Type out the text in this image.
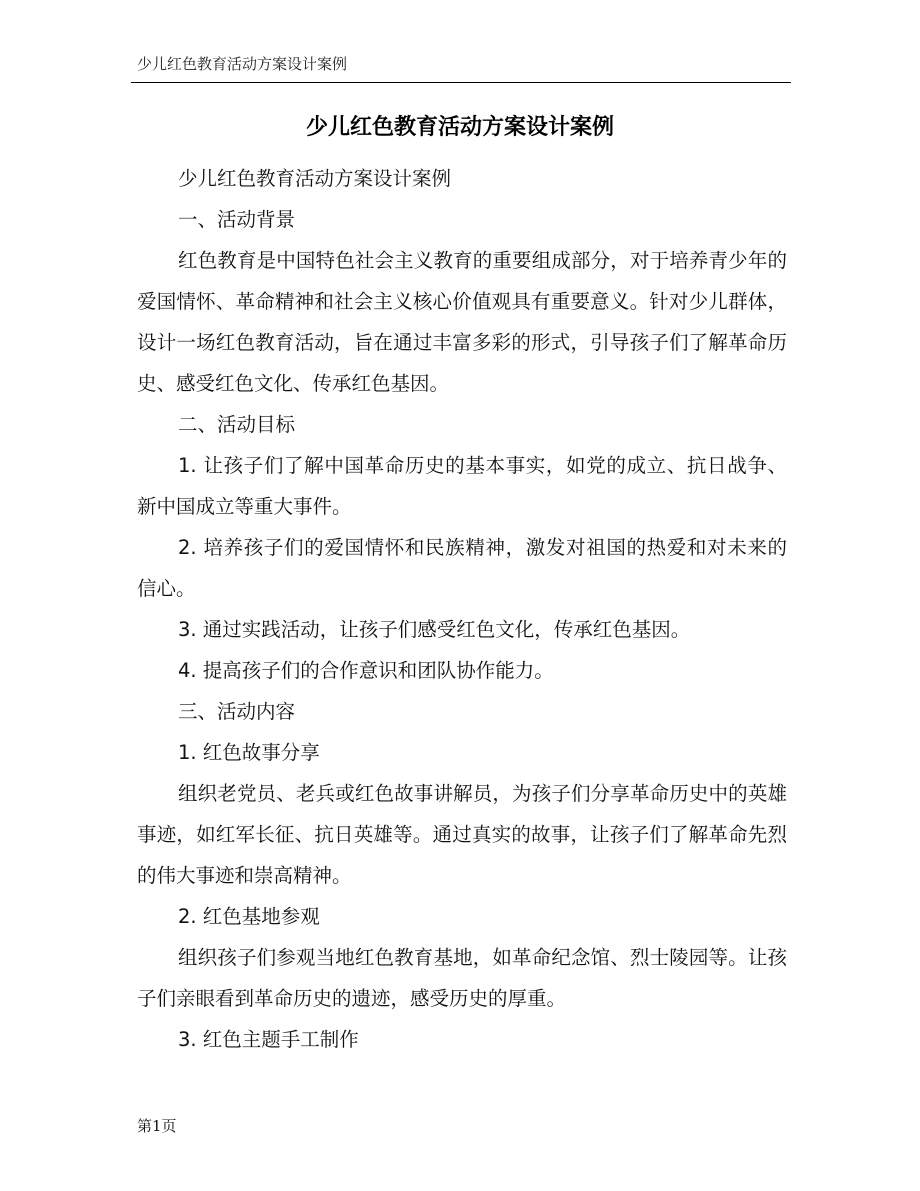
少儿红色教育活动方案设计案例
少儿红色教育活动方案设计案例

少儿红色教育活动方案设计案例

一、活动背景

红色教育是中国特色社会主义教育的重要组成部分，对于培养青少年的爱国情怀、革命精神和社会主义核心价值观具有重要意义。针对少儿群体，设计一场红色教育活动，旨在通过丰富多彩的形式，引导孩子们了解革命历史、感受红色文化、传承红色基因。

二、活动目标

1. 让孩子们了解中国革命历史的基本事实，如党的成立、抗日战争、新中国成立等重大事件。

2. 培养孩子们的爱国情怀和民族精神，激发对祖国的热爱和对未来的信心。

3. 通过实践活动，让孩子们感受红色文化，传承红色基因。

4. 提高孩子们的合作意识和团队协作能力。

三、活动内容

1. 红色故事分享

组织老党员、老兵或红色故事讲解员，为孩子们分享革命历史中的英雄事迹，如红军长征、抗日英雄等。通过真实的故事，让孩子们了解革命先烈的伟大事迹和崇高精神。

2. 红色基地参观

组织孩子们参观当地红色教育基地，如革命纪念馆、烈士陵园等。让孩子们亲眼看到革命历史的遗迹，感受历史的厚重。

3. 红色主题手工制作

第1页
